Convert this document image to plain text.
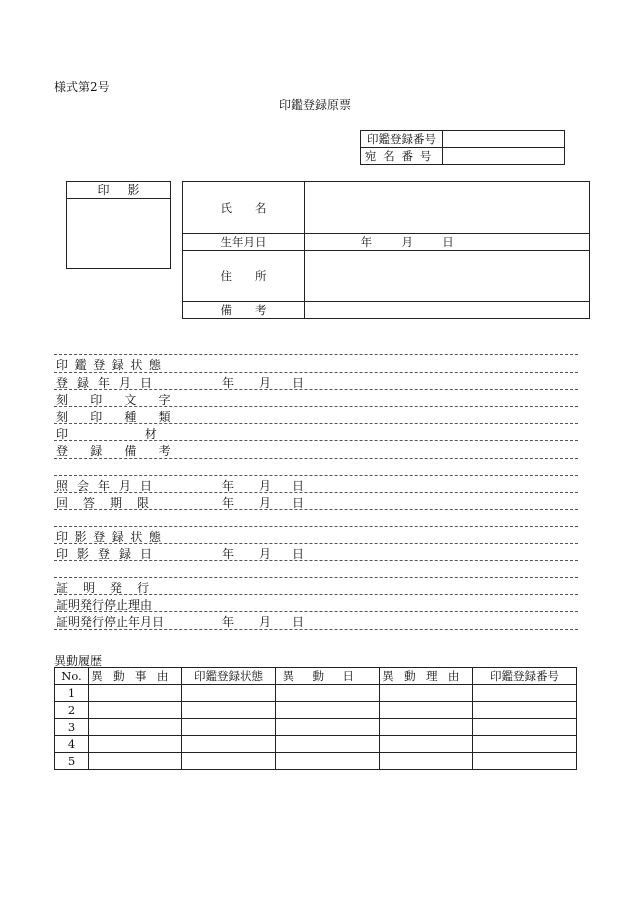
様式第2号
印鑑登録原票
印鑑登録番号	
宛名番号	
印影
氏名	
生年月日	年 月 日
住所	
備考	
印鑑登録状態
登録年月日	年 月 日
刻印文字
刻印種類
印材
登録備考
照会年月日	年 月 日
回答期限	年 月 日
印影登録状態
印影登録日	年 月 日
証明発行
証明発行停止理由
証明発行停止年月日	年 月 日
異動履歴
No.	異動事由	印鑑登録状態	異動日	異動理由	印鑑登録番号
1					
2					
3					
4					
5					
